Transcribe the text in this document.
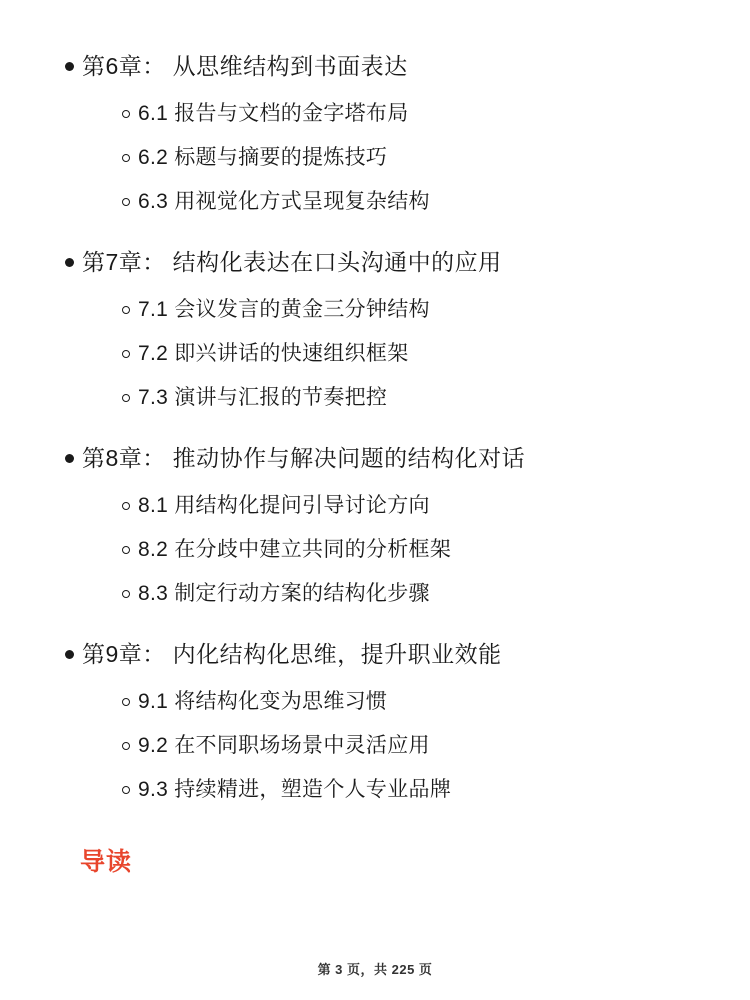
第6章： 从思维结构到书面表达
6.1 报告与文档的金字塔布局
6.2 标题与摘要的提炼技巧
6.3 用视觉化方式呈现复杂结构
第7章： 结构化表达在口头沟通中的应用
7.1 会议发言的黄金三分钟结构
7.2 即兴讲话的快速组织框架
7.3 演讲与汇报的节奏把控
第8章： 推动协作与解决问题的结构化对话
8.1 用结构化提问引导讨论方向
8.2 在分歧中建立共同的分析框架
8.3 制定行动方案的结构化步骤
第9章： 内化结构化思维，提升职业效能
9.1 将结构化变为思维习惯
9.2 在不同职场场景中灵活应用
9.3 持续精进，塑造个人专业品牌
导读
第 3 页，共 225 页
